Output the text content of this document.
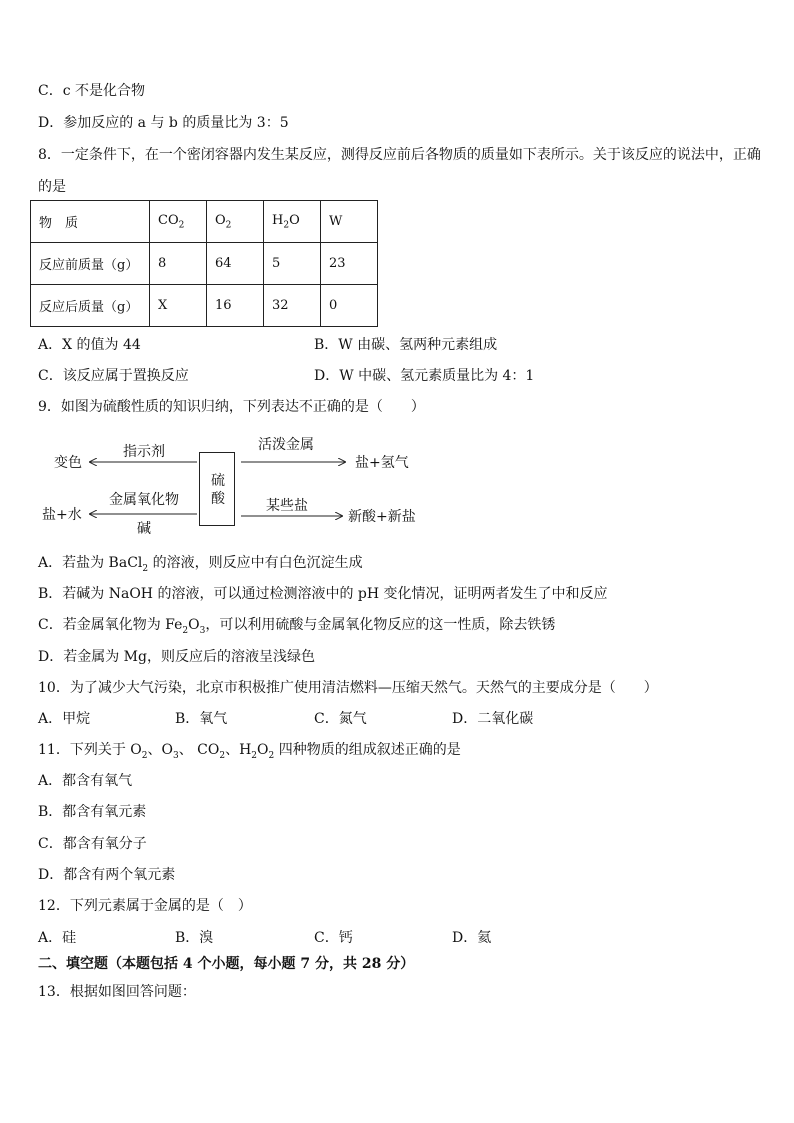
C．c 不是化合物
D．参加反应的 a 与 b 的质量比为 3：5
8．一定条件下，在一个密闭容器内发生某反应，测得反应前后各物质的质量如下表所示。关于该反应的说法中，正确
的是
物　质	$CO_2$	$O_2$	$H_2O$	W
反应前质量（g）	8	64	5	23
反应后质量（g）	X	16	32	0
A．X 的值为 44	B．W 由碳、氢两种元素组成
C．该反应属于置换反应	D．W 中碳、氢元素质量比为 4：1
9．如图为硫酸性质的知识归纳，下列表达不正确的是（　　）
硫
酸
指示剂
变色
金属氧化物
碱
盐+水
活泼金属
盐+氢气
某些盐
新酸+新盐
A．若盐为 BaCl$_2$ 的溶液，则反应中有白色沉淀生成
B．若碱为 NaOH 的溶液，可以通过检测溶液中的 pH 变化情况，证明两者发生了中和反应
C．若金属氧化物为 $Fe_2O_3$，可以利用硫酸与金属氧化物反应的这一性质，除去铁锈
D．若金属为 Mg，则反应后的溶液呈浅绿色
10．为了减少大气污染，北京市积极推广使用清洁燃料—压缩天然气。天然气的主要成分是（　　）
A．甲烷	B．氧气	C．氮气	D．二氧化碳
11．下列关于 $O_2$、$O_3$、 $CO_2$、$H_2O_2$ 四种物质的组成叙述正确的是
A．都含有氧气
B．都含有氧元素
C．都含有氧分子
D．都含有两个氧元素
12．下列元素属于金属的是（　）
A．硅	B．溴	C．钙	D．氦
二、填空题（本题包括 4 个小题，每小题 7 分，共 28 分）
13．根据如图回答问题：
